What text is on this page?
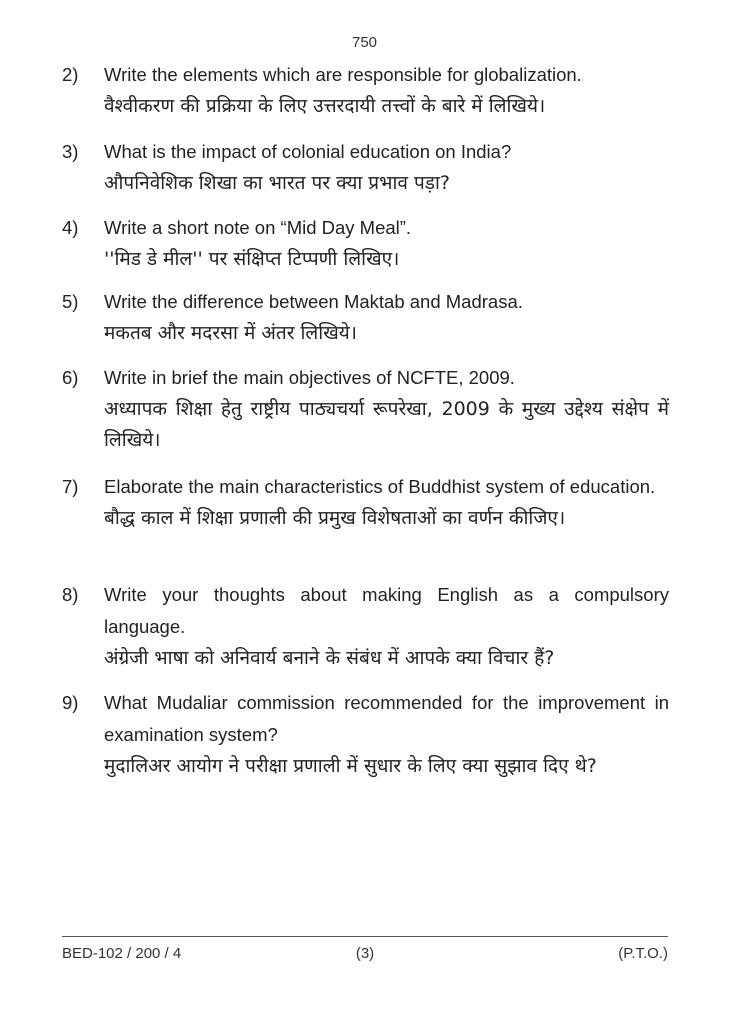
750
2) Write the elements which are responsible for globalization.
वैश्वीकरण की प्रक्रिया के लिए उत्तरदायी तत्त्वों के बारे में लिखिये।
3) What is the impact of colonial education on India?
औपनिवेशिक शिखा का भारत पर क्या प्रभाव पड़ा?
4) Write a short note on “Mid Day Meal”.
''मिड डे मील'' पर संक्षिप्त टिप्पणी लिखिए।
5) Write the difference between Maktab and Madrasa.
मकतब और मदरसा में अंतर लिखिये।
6) Write in brief the main objectives of NCFTE, 2009.
अध्यापक शिक्षा हेतु राष्ट्रीय पाठ्यचर्या रूपरेखा, 2009 के मुख्य उद्देश्य संक्षेप में लिखिये।
7) Elaborate the main characteristics of Buddhist system of education.
बौद्ध काल में शिक्षा प्रणाली की प्रमुख विशेषताओं का वर्णन कीजिए।
8) Write your thoughts about making English as a compulsory language.
अंग्रेजी भाषा को अनिवार्य बनाने के संबंध में आपके क्या विचार हैं?
9) What Mudaliar commission recommended for the improvement in examination system?
मुदालिअर आयोग ने परीक्षा प्रणाली में सुधार के लिए क्या सुझाव दिए थे?
BED-102 / 200 / 4	(3)	(P.T.O.)
